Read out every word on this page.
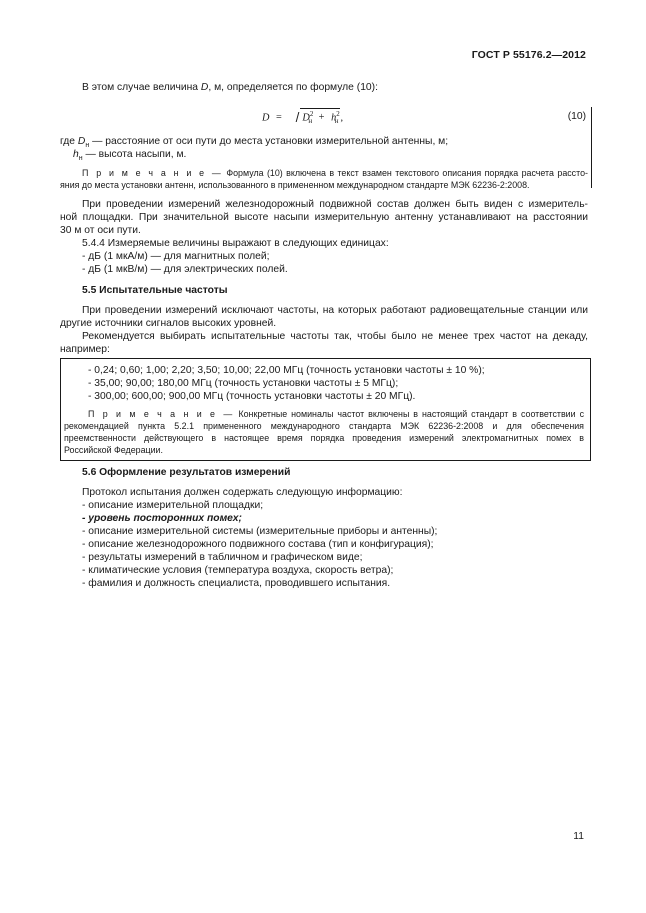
ГОСТ Р 55176.2—2012
В этом случае величина D, м, определяется по формуле (10):
$D = D^2_н + h^2_н$ ,	(10)
где $D_н$ — расстояние от оси пути до места установки измерительной антенны, м;
$h_н$ — высота насыпи, м.
П р и м е ч а н и е — Формула (10) включена в текст взамен текстового описания порядка расчета рассто-
яния до места установки антенн, использованного в примененном международном стандарте МЭК 62236-2:2008.
При проведении измерений железнодорожный подвижной состав должен быть виден с измеритель-
ной площадки. При значительной высоте насыпи измерительную антенну устанавливают на расстоянии
30 м от оси пути.
5.4.4 Измеряемые величины выражают в следующих единицах:
- дБ (1 мкА/м) — для магнитных полей;
- дБ (1 мкВ/м) — для электрических полей.
5.5 Испытательные частоты
При проведении измерений исключают частоты, на которых работают радиовещательные станции или
другие источники сигналов высоких уровней.
Рекомендуется выбирать испытательные частоты так, чтобы было не менее трех частот на декаду,
например:
- 0,24; 0,60; 1,00; 2,20; 3,50; 10,00; 22,00 МГц (точность установки частоты ± 10 %);
- 35,00; 90,00; 180,00 МГц (точность установки частоты ± 5 МГц);
- 300,00; 600,00; 900,00 МГц (точность установки частоты ± 20 МГц).
П р и м е ч а н и е — Конкретные номиналы частот включены в настоящий стандарт в соответствии с
рекомендацией пункта 5.2.1 примененного международного стандарта МЭК 62236-2:2008 и для обеспечения
преемственности действующего в настоящее время порядка проведения измерений электромагнитных помех в
Российской Федерации.
5.6 Оформление результатов измерений
Протокол испытания должен содержать следующую информацию:
- описание измерительной площадки;
- уровень посторонних помех;
- описание измерительной системы (измерительные приборы и антенны);
- описание железнодорожного подвижного состава (тип и конфигурация);
- результаты измерений в табличном и графическом виде;
- климатические условия (температура воздуха, скорость ветра);
- фамилия и должность специалиста, проводившего испытания.
11
